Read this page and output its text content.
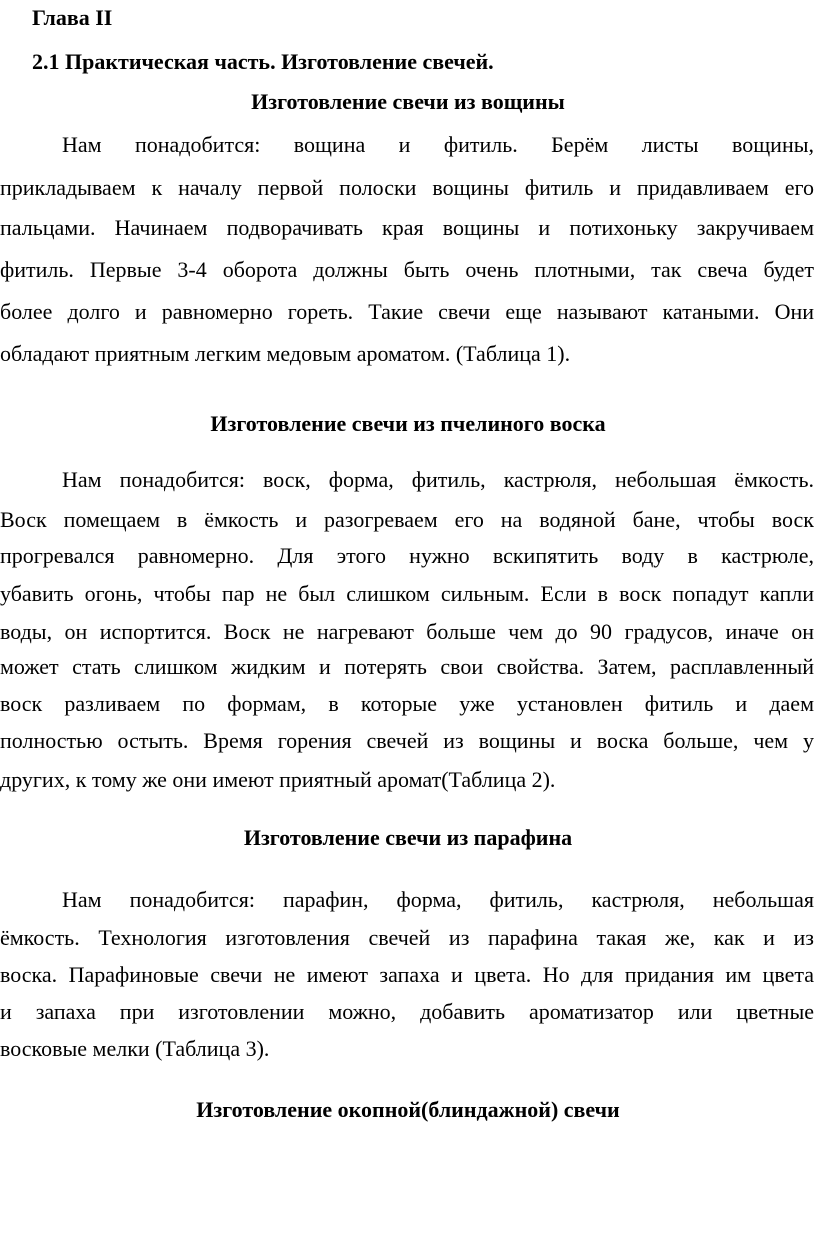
Глава II
2.1 Практическая часть. Изготовление свечей.
Изготовление свечи из вощины
Нам понадобится: вощина и фитиль. Берём листы вощины,
прикладываем к началу первой полоски вощины фитиль и придавливаем его
пальцами. Начинаем подворачивать края вощины и потихоньку закручиваем
фитиль. Первые 3-4 оборота должны быть очень плотными, так свеча будет
более долго и равномерно гореть. Такие свечи еще называют катаными. Они
обладают приятным легким медовым ароматом. (Таблица 1).
Изготовление свечи из пчелиного воска
Нам понадобится: воск, форма, фитиль, кастрюля, небольшая ёмкость.
Воск помещаем в ёмкость и разогреваем его на водяной бане, чтобы воск
прогревался равномерно. Для этого нужно вскипятить воду в кастрюле,
убавить огонь, чтобы пар не был слишком сильным. Если в воск попадут капли
воды, он испортится. Воск не нагревают больше чем до 90 градусов, иначе он
может стать слишком жидким и потерять свои свойства. Затем, расплавленный
воск разливаем по формам, в которые уже установлен фитиль и даем
полностью остыть. Время горения свечей из вощины и воска больше, чем у
других, к тому же они имеют приятный аромат(Таблица 2).
Изготовление свечи из парафина
Нам понадобится: парафин, форма, фитиль, кастрюля, небольшая
ёмкость. Технология изготовления свечей из парафина такая же, как и из
воска. Парафиновые свечи не имеют запаха и цвета. Но для придания им цвета
и запаха при изготовлении можно, добавить ароматизатор или цветные
восковые мелки (Таблица 3).
Изготовление окопной(блиндажной) свечи
